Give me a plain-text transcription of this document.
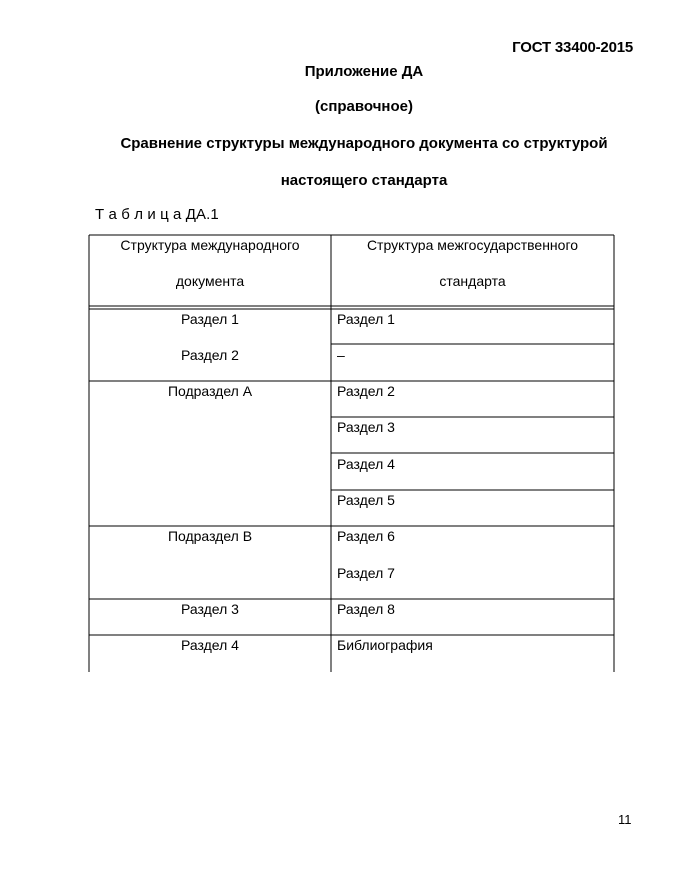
ГОСТ 33400-2015
Приложение ДА
(справочное)
Сравнение структуры международного документа со структурой
настоящего стандарта
Т а б л и ц а ДА.1
Структура международного
документа
Структура межгосударственного
стандарта
Раздел 1
Раздел 2
Подраздел А
Подраздел В
Раздел 3
Раздел 4
Раздел 1
–
Раздел 2
Раздел 3
Раздел 4
Раздел 5
Раздел 6
Раздел 7
Раздел 8
Библиография
11
